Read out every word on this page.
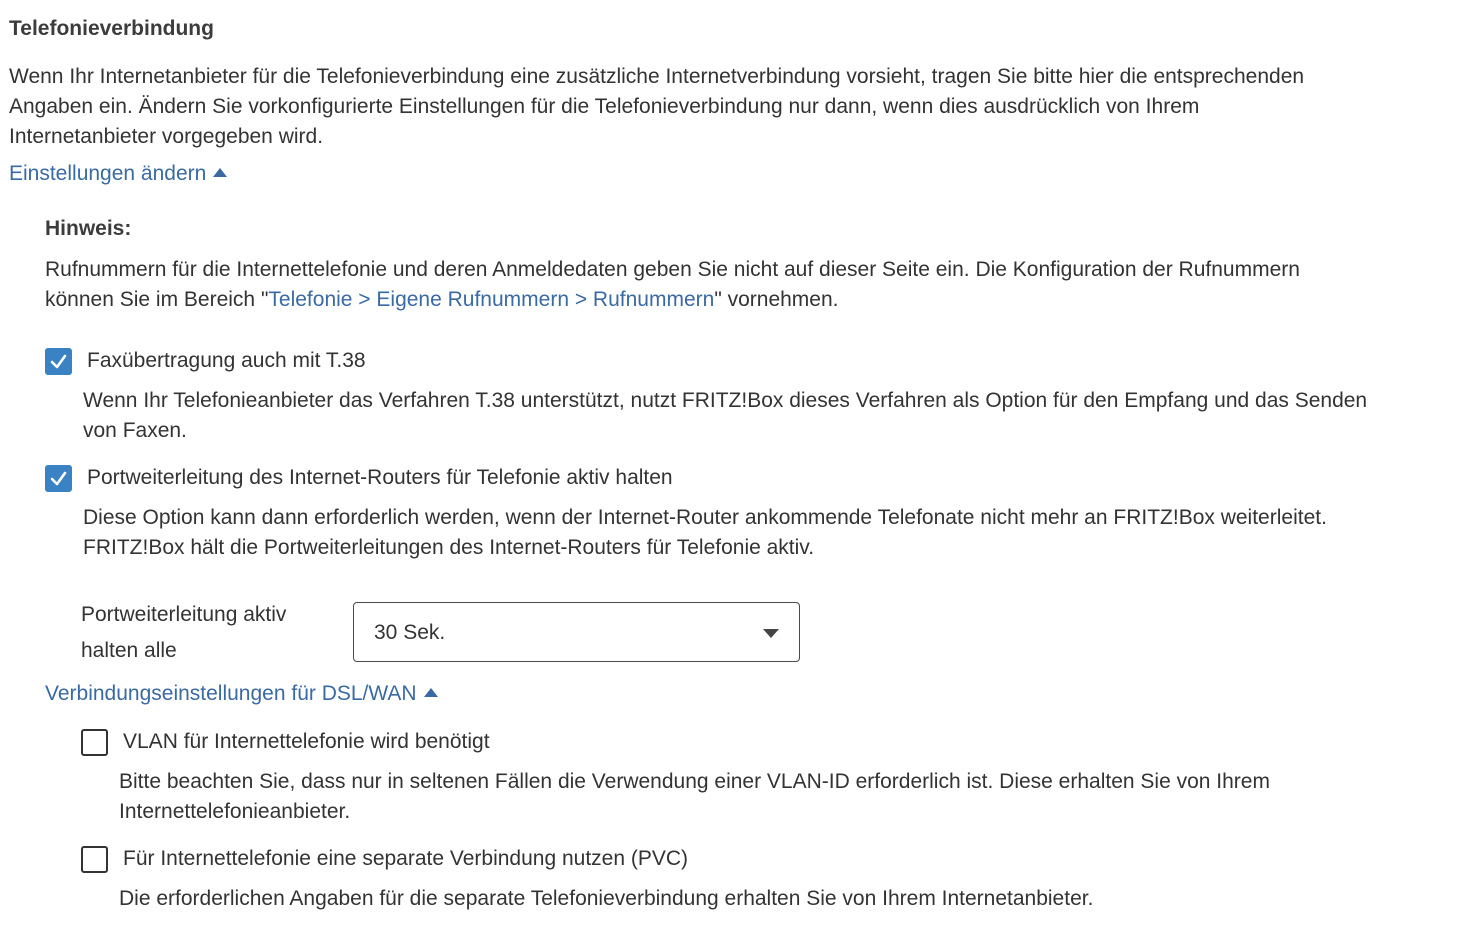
Telefonieverbindung
Wenn Ihr Internetanbieter für die Telefonieverbindung eine zusätzliche Internetverbindung vorsieht, tragen Sie bitte hier die entsprechenden
Angaben ein. Ändern Sie vorkonfigurierte Einstellungen für die Telefonieverbindung nur dann, wenn dies ausdrücklich von Ihrem
Internetanbieter vorgegeben wird.
Einstellungen ändern
Hinweis:
Rufnummern für die Internettelefonie und deren Anmeldedaten geben Sie nicht auf dieser Seite ein. Die Konfiguration der Rufnummern
können Sie im Bereich "Telefonie > Eigene Rufnummern > Rufnummern" vornehmen.
Faxübertragung auch mit T.38
Wenn Ihr Telefonieanbieter das Verfahren T.38 unterstützt, nutzt FRITZ!Box dieses Verfahren als Option für den Empfang und das Senden
von Faxen.
Portweiterleitung des Internet-Routers für Telefonie aktiv halten
Diese Option kann dann erforderlich werden, wenn der Internet-Router ankommende Telefonate nicht mehr an FRITZ!Box weiterleitet.
FRITZ!Box hält die Portweiterleitungen des Internet-Routers für Telefonie aktiv.
Portweiterleitung aktiv
halten alle
30 Sek.
Verbindungseinstellungen für DSL/WAN
VLAN für Internettelefonie wird benötigt
Bitte beachten Sie, dass nur in seltenen Fällen die Verwendung einer VLAN-ID erforderlich ist. Diese erhalten Sie von Ihrem
Internettelefonieanbieter.
Für Internettelefonie eine separate Verbindung nutzen (PVC)
Die erforderlichen Angaben für die separate Telefonieverbindung erhalten Sie von Ihrem Internetanbieter.
